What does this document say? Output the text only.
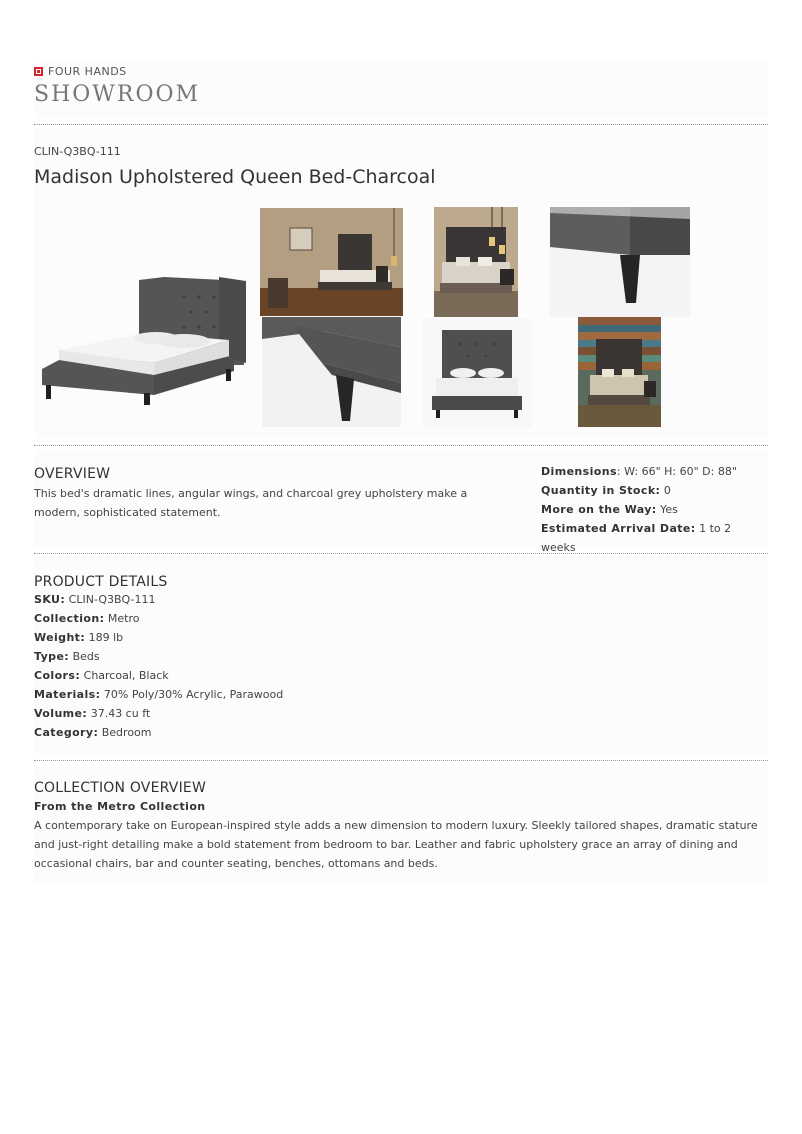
FOUR HANDS
SHOWROOM
CLIN-Q3BQ-111
Madison Upholstered Queen Bed-Charcoal
OVERVIEW
This bed's dramatic lines, angular wings, and charcoal grey upholstery make a modern, sophisticated statement.
Dimensions: W: 66" H: 60" D: 88"
Quantity in Stock: 0
More on the Way: Yes
Estimated Arrival Date: 1 to 2 weeks
PRODUCT DETAILS
SKU: CLIN-Q3BQ-111
Collection: Metro
Weight: 189 lb
Type: Beds
Colors: Charcoal, Black
Materials: 70% Poly/30% Acrylic, Parawood
Volume: 37.43 cu ft
Category: Bedroom
COLLECTION OVERVIEW
From the Metro Collection
A contemporary take on European-inspired style adds a new dimension to modern luxury. Sleekly tailored shapes, dramatic stature and just-right detailing make a bold statement from bedroom to bar. Leather and fabric upholstery grace an array of dining and occasional chairs, bar and counter seating, benches, ottomans and beds.
